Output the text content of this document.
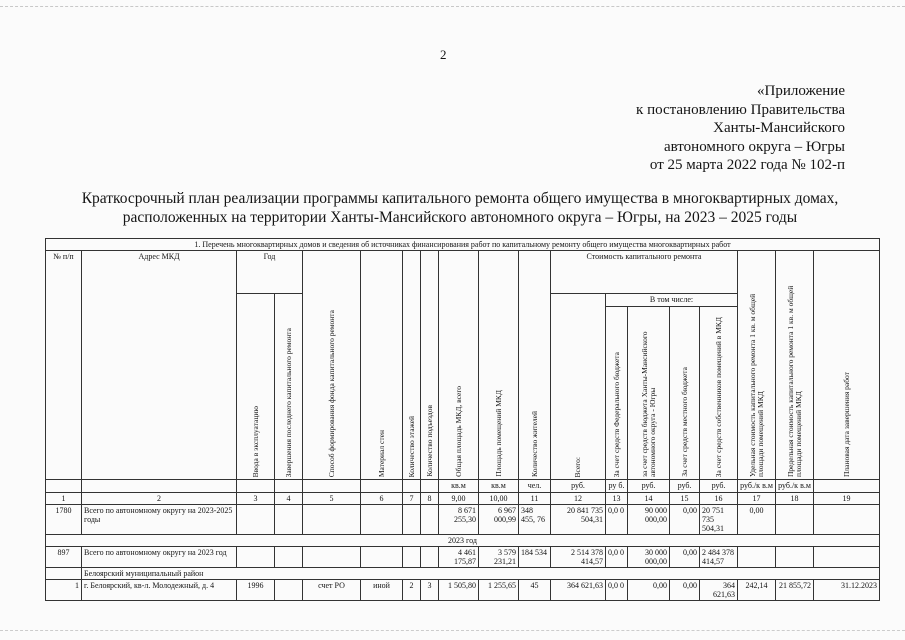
2
«Приложение
к постановлению Правительства
Ханты-Мансийского
автономного округа – Югры
от 25 марта 2022 года № 102-п
Краткосрочный план реализации программы капитального ремонта общего имущества в многоквартирных домах,
расположенных на территории Ханты-Мансийского автономного округа – Югры, на 2023 – 2025 годы
1. Перечень многоквартирных домов и сведения об источниках финансирования работ по капитальному ремонту общего имущества многоквартирных работ																		
№ п/п	Адрес МКД	Год		Способ формирования фонда капитального ремонта	Материал стен	Количество этажей	Количество подъездов	Общая площадь МКД, всего	Площадь помещений МКД	Количество жителей	Стоимость капитального ремонта					Удельная стоимость капитального ремонта 1 кв. м общей площади помещений МКД	Предельная стоимость капитального ремонта 1 кв. м общей площади помещений МКД	Плановая дата завершения работ
		Ввода в эксплуатацию	Завершения последнего капитального ремонта								Всего:	В том числе:						
												За счет средств Федерального бюджета	за счет средств бюджета Ханты-Мансийского автономного округа - Югры	За счет средств местного бюджета	За счет средств собственников помещений в МКД			
								кв.м	кв.м	чел.	руб.	ру б.	руб.	руб.	руб.	руб./к в.м	руб./к в.м	
1	2	3	4	5	6	7	8	9,00	10,00	11	12	13	14	15	16	17	18	19
1780	Всего по автономному округу на 2023-2025 годы							8 671 255,30	6 967 000,99	348 455, 76	20 841 735 504,31	0,0 0	90 000 000,00	0,00	20 751 735 504,31	0,00		
2023 год																		
897	Всего по автономному округу на 2023 год							4 461 175,87	3 579 231,21	184 534	2 514 378 414,57	0,0 0	30 000 000,00	0,00	2 484 378 414,57			
	Белоярский муниципальный район																	
1	г. Белоярский, кв-л. Молодежный, д. 4	1996		счет РО	иной	2	3	1 505,80	1 255,65	45	364 621,63	0,0 0	0,00	0,00	364 621,63	242,14	21 855,72	31.12.2023
